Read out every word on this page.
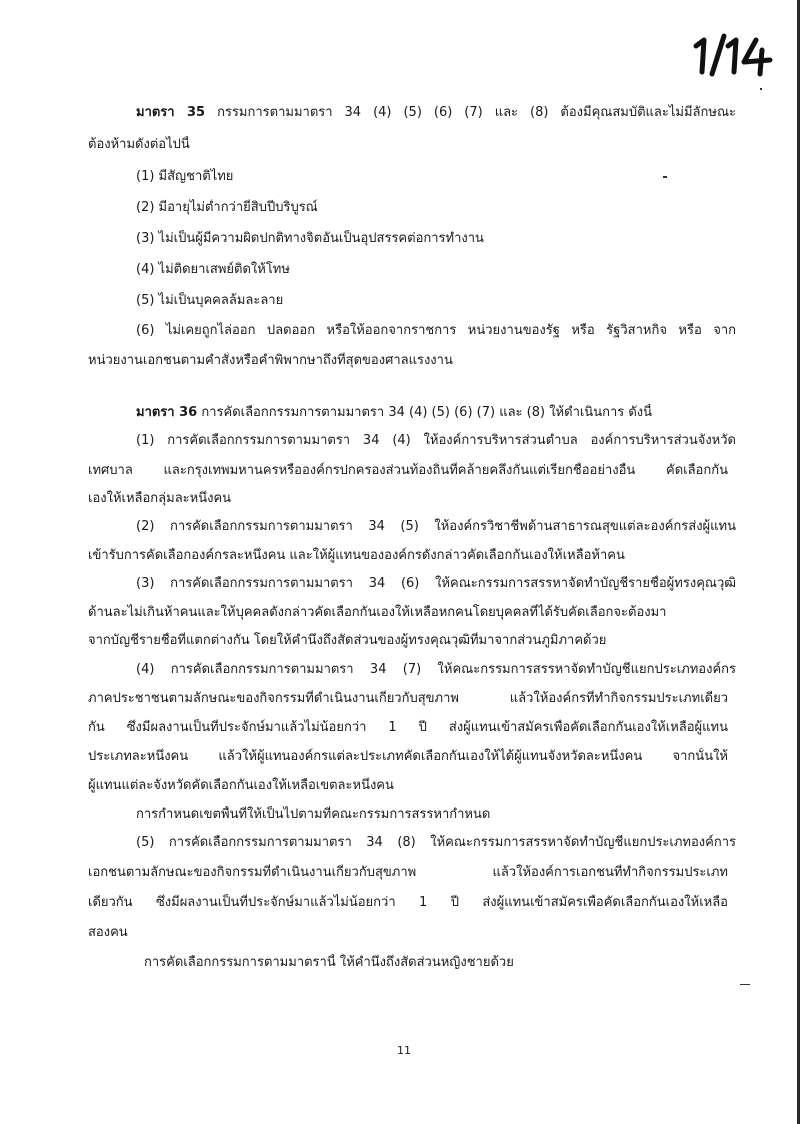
มาตรา 35 กรรมการตามมาตรา 34 (4) (5) (6) (7) และ (8) ต้องมีคุณสมบัติและไม่มีลักษณะ
ต้องห้ามดังต่อไปนี้
(1) มีสัญชาติไทย
(2) มีอายุไม่ต่ำกว่ายี่สิบปีบริบูรณ์
(3) ไม่เป็นผู้มีความผิดปกติทางจิตอันเป็นอุปสรรคต่อการทำงาน
(4) ไม่ติดยาเสพย์ติดให้โทษ
(5) ไม่เป็นบุคคลล้มละลาย
(6) ไม่เคยถูกไล่ออก ปลดออก หรือให้ออกจากราชการ หน่วยงานของรัฐ หรือ รัฐวิสาหกิจ หรือ จาก
หน่วยงานเอกชนตามคำสั่งหรือคำพิพากษาถึงที่สุดของศาลแรงงาน
มาตรา 36 การคัดเลือกกรรมการตามมาตรา 34 (4) (5) (6) (7) และ (8) ให้ดำเนินการ ดังนี้
(1) การคัดเลือกกรรมการตามมาตรา 34 (4) ให้องค์การบริหารส่วนตำบล องค์การบริหารส่วนจังหวัด
เทศบาล และกรุงเทพมหานครหรือองค์กรปกครองส่วนท้องถิ่นที่คล้ายคลึงกันแต่เรียกชื่ออย่างอื่น คัดเลือกกัน
เองให้เหลือกลุ่มละหนึ่งคน
(2) การคัดเลือกกรรมการตามมาตรา 34 (5) ให้องค์กรวิชาชีพด้านสาธารณสุขแต่ละองค์กรส่งผู้แทน
เข้ารับการคัดเลือกองค์กรละหนึ่งคน และให้ผู้แทนขององค์กรดังกล่าวคัดเลือกกันเองให้เหลือห้าคน
(3) การคัดเลือกกรรมการตามมาตรา 34 (6) ให้คณะกรรมการสรรหาจัดทำบัญชีรายชื่อผู้ทรงคุณวุฒิ
ด้านละไม่เกินห้าคนและให้บุคคลดังกล่าวคัดเลือกกันเองให้เหลือหกคนโดยบุคคลที่ได้รับคัดเลือกจะต้องมา
จากบัญชีรายชื่อที่แตกต่างกัน โดยให้คำนึงถึงสัดส่วนของผู้ทรงคุณวุฒิที่มาจากส่วนภูมิภาคด้วย
(4) การคัดเลือกกรรมการตามมาตรา 34 (7) ให้คณะกรรมการสรรหาจัดทำบัญชีแยกประเภทองค์กร
ภาคประชาชนตามลักษณะของกิจกรรมที่ดำเนินงานเกี่ยวกับสุขภาพ แล้วให้องค์กรที่ทำกิจกรรมประเภทเดียว
กัน ซึ่งมีผลงานเป็นที่ประจักษ์มาแล้วไม่น้อยกว่า 1 ปี ส่งผู้แทนเข้าสมัครเพื่อคัดเลือกกันเองให้เหลือผู้แทน
ประเภทละหนึ่งคน แล้วให้ผู้แทนองค์กรแต่ละประเภทคัดเลือกกันเองให้ได้ผู้แทนจังหวัดละหนึ่งคน จากนั้นให้
ผู้แทนแต่ละจังหวัดคัดเลือกกันเองให้เหลือเขตละหนึ่งคน
การกำหนดเขตพื้นที่ให้เป็นไปตามที่คณะกรรมการสรรหากำหนด
(5) การคัดเลือกกรรมการตามมาตรา 34 (8) ให้คณะกรรมการสรรหาจัดทำบัญชีแยกประเภทองค์การ
เอกชนตามลักษณะของกิจกรรมที่ดำเนินงานเกี่ยวกับสุขภาพ แล้วให้องค์การเอกชนที่ทำกิจกรรมประเภท
เดียวกัน ซึ่งมีผลงานเป็นที่ประจักษ์มาแล้วไม่น้อยกว่า 1 ปี ส่งผู้แทนเข้าสมัครเพื่อคัดเลือกกันเองให้เหลือ
สองคน
การคัดเลือกกรรมการตามมาตรานี้ ให้คำนึงถึงสัดส่วนหญิงชายด้วย
11
